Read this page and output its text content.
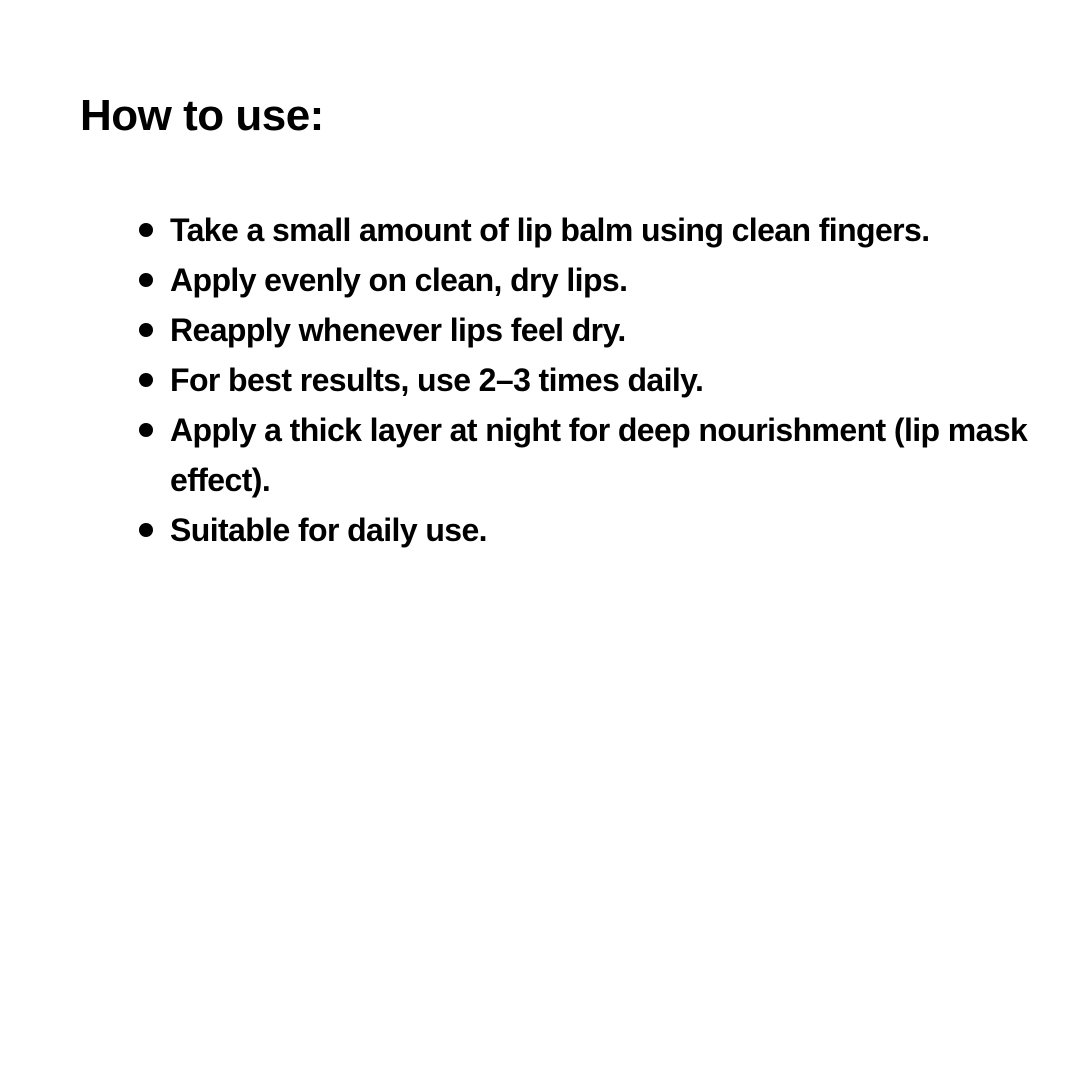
How to use:
Take a small amount of lip balm using clean fingers.
Apply evenly on clean, dry lips.
Reapply whenever lips feel dry.
For best results, use 2–3 times daily.
Apply a thick layer at night for deep nourishment (lip mask effect).
Suitable for daily use.
